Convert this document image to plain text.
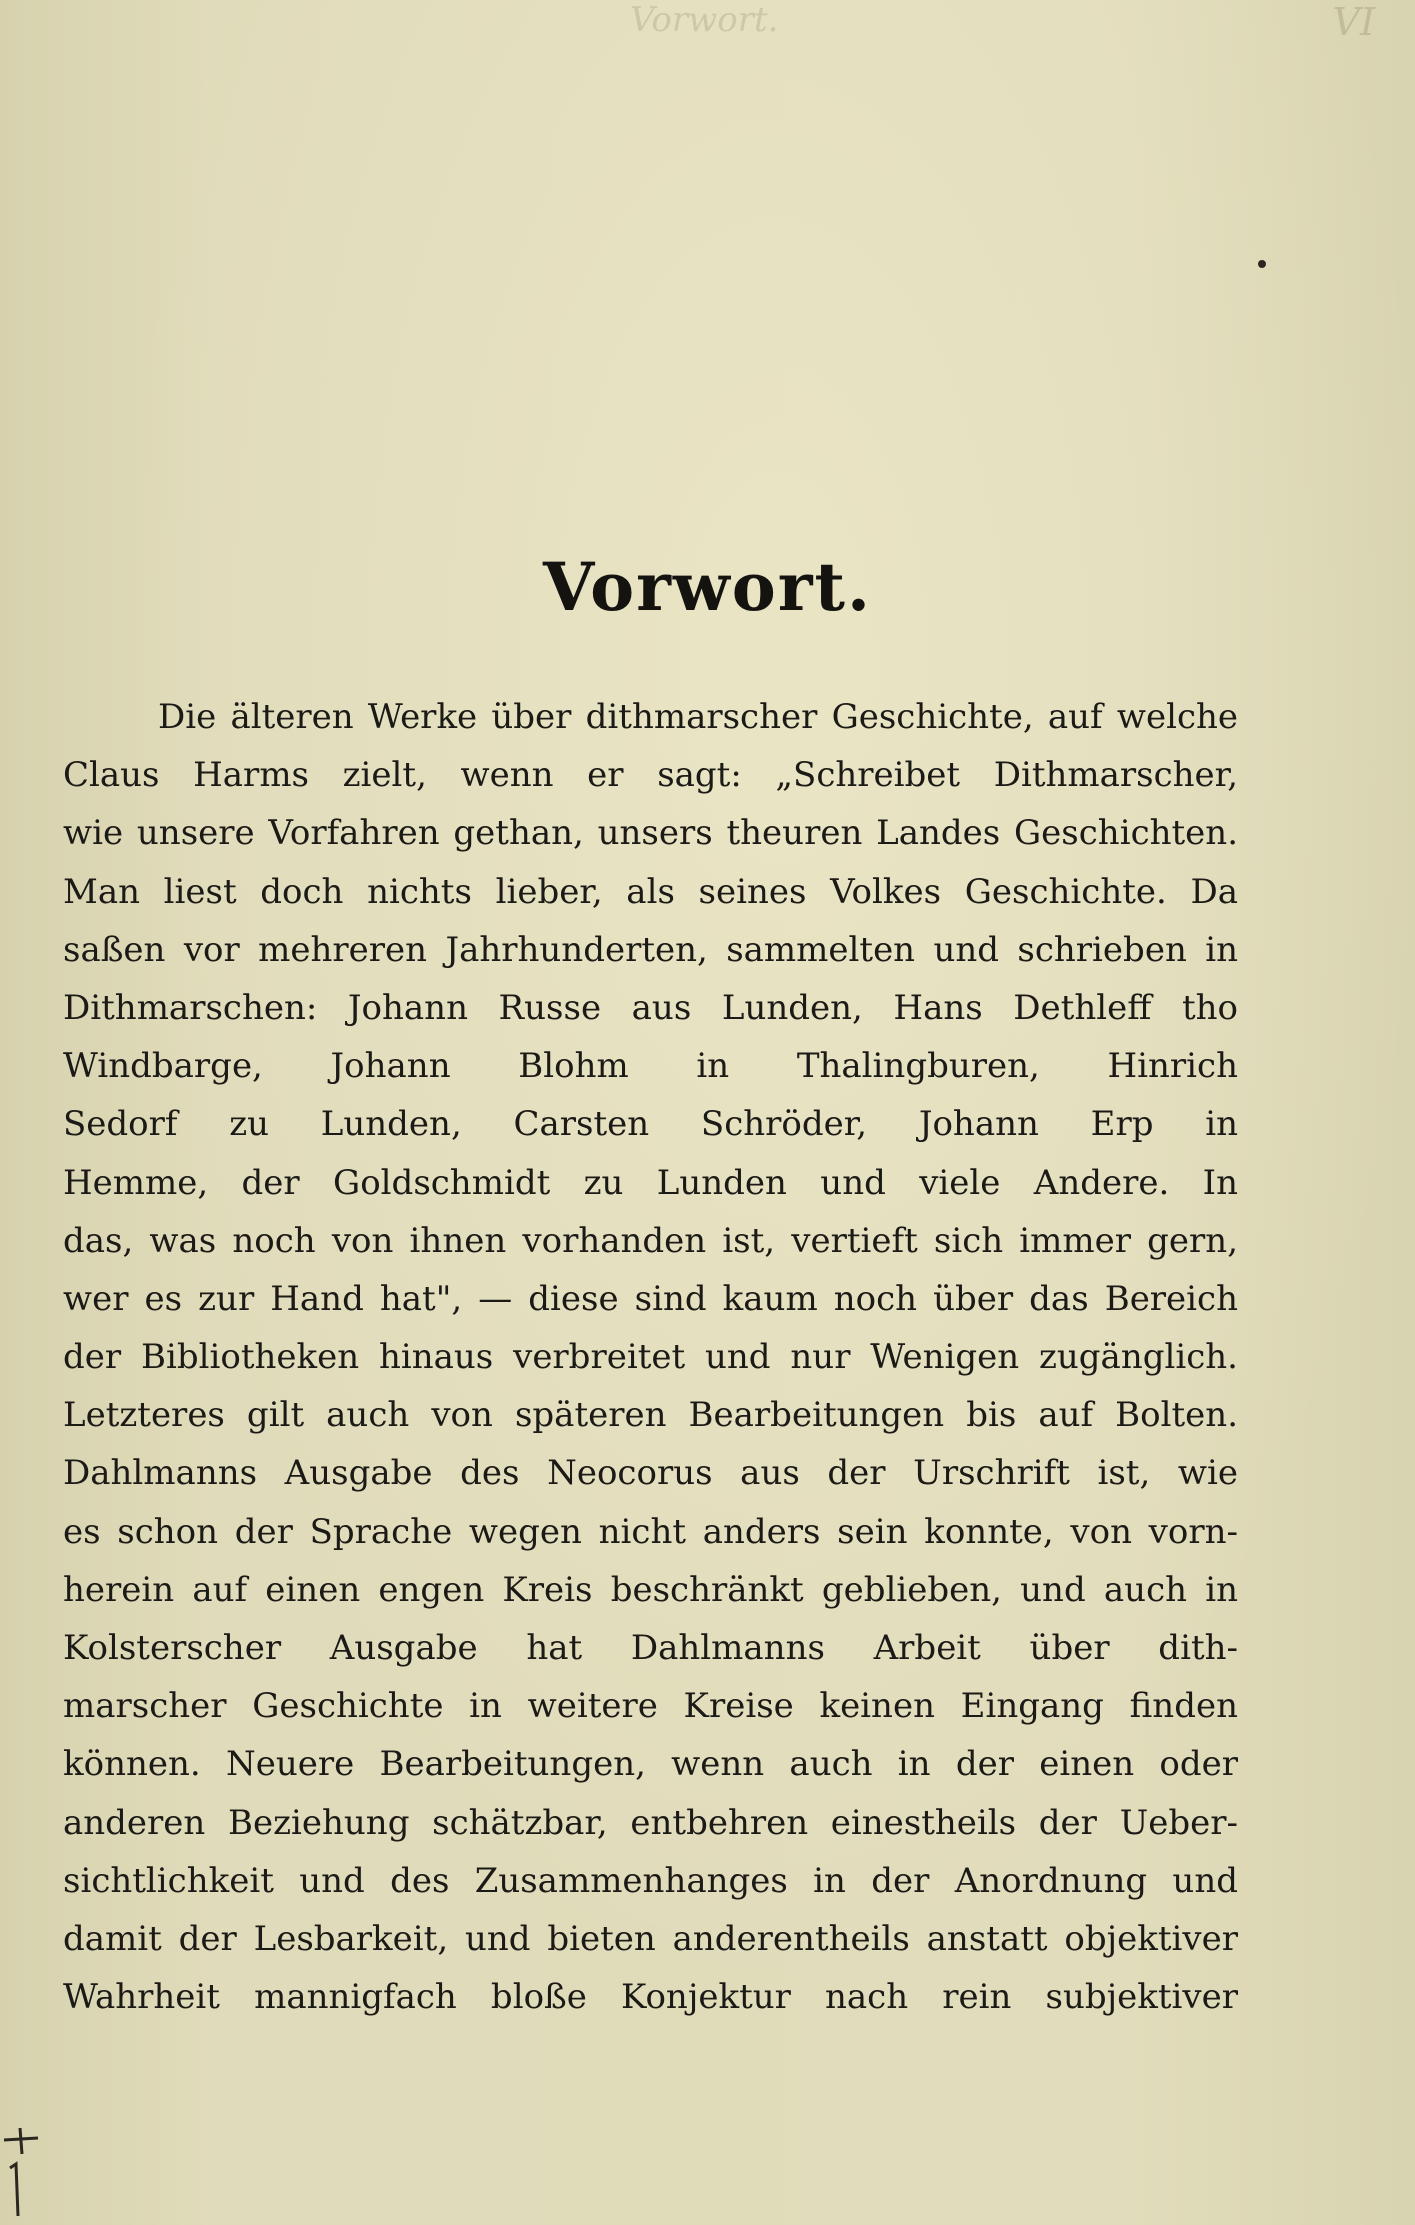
Vorwort.	VI
Vorwort.
Die älteren Werke über dithmarscher Geschichte, auf welche
Claus Harms zielt, wenn er sagt: „Schreibet Dithmarscher,
wie unsere Vorfahren gethan, unsers theuren Landes Geschichten.
Man liest doch nichts lieber, als seines Volkes Geschichte. Da
saßen vor mehreren Jahrhunderten, sammelten und schrieben in
Dithmarschen: Johann Russe aus Lunden, Hans Dethleff tho
Windbarge, Johann Blohm in Thalingburen, Hinrich
Sedorf zu Lunden, Carsten Schröder, Johann Erp in
Hemme, der Goldschmidt zu Lunden und viele Andere. In
das, was noch von ihnen vorhanden ist, vertieft sich immer gern,
wer es zur Hand hat", — diese sind kaum noch über das Bereich
der Bibliotheken hinaus verbreitet und nur Wenigen zugänglich.
Letzteres gilt auch von späteren Bearbeitungen bis auf Bolten.
Dahlmanns Ausgabe des Neocorus aus der Urschrift ist, wie
es schon der Sprache wegen nicht anders sein konnte, von vorn-
herein auf einen engen Kreis beschränkt geblieben, und auch in
Kolsterscher Ausgabe hat Dahlmanns Arbeit über dith-
marscher Geschichte in weitere Kreise keinen Eingang finden
können. Neuere Bearbeitungen, wenn auch in der einen oder
anderen Beziehung schätzbar, entbehren einestheils der Ueber-
sichtlichkeit und des Zusammenhanges in der Anordnung und
damit der Lesbarkeit, und bieten anderentheils anstatt objektiver
Wahrheit mannigfach bloße Konjektur nach rein subjektiver
